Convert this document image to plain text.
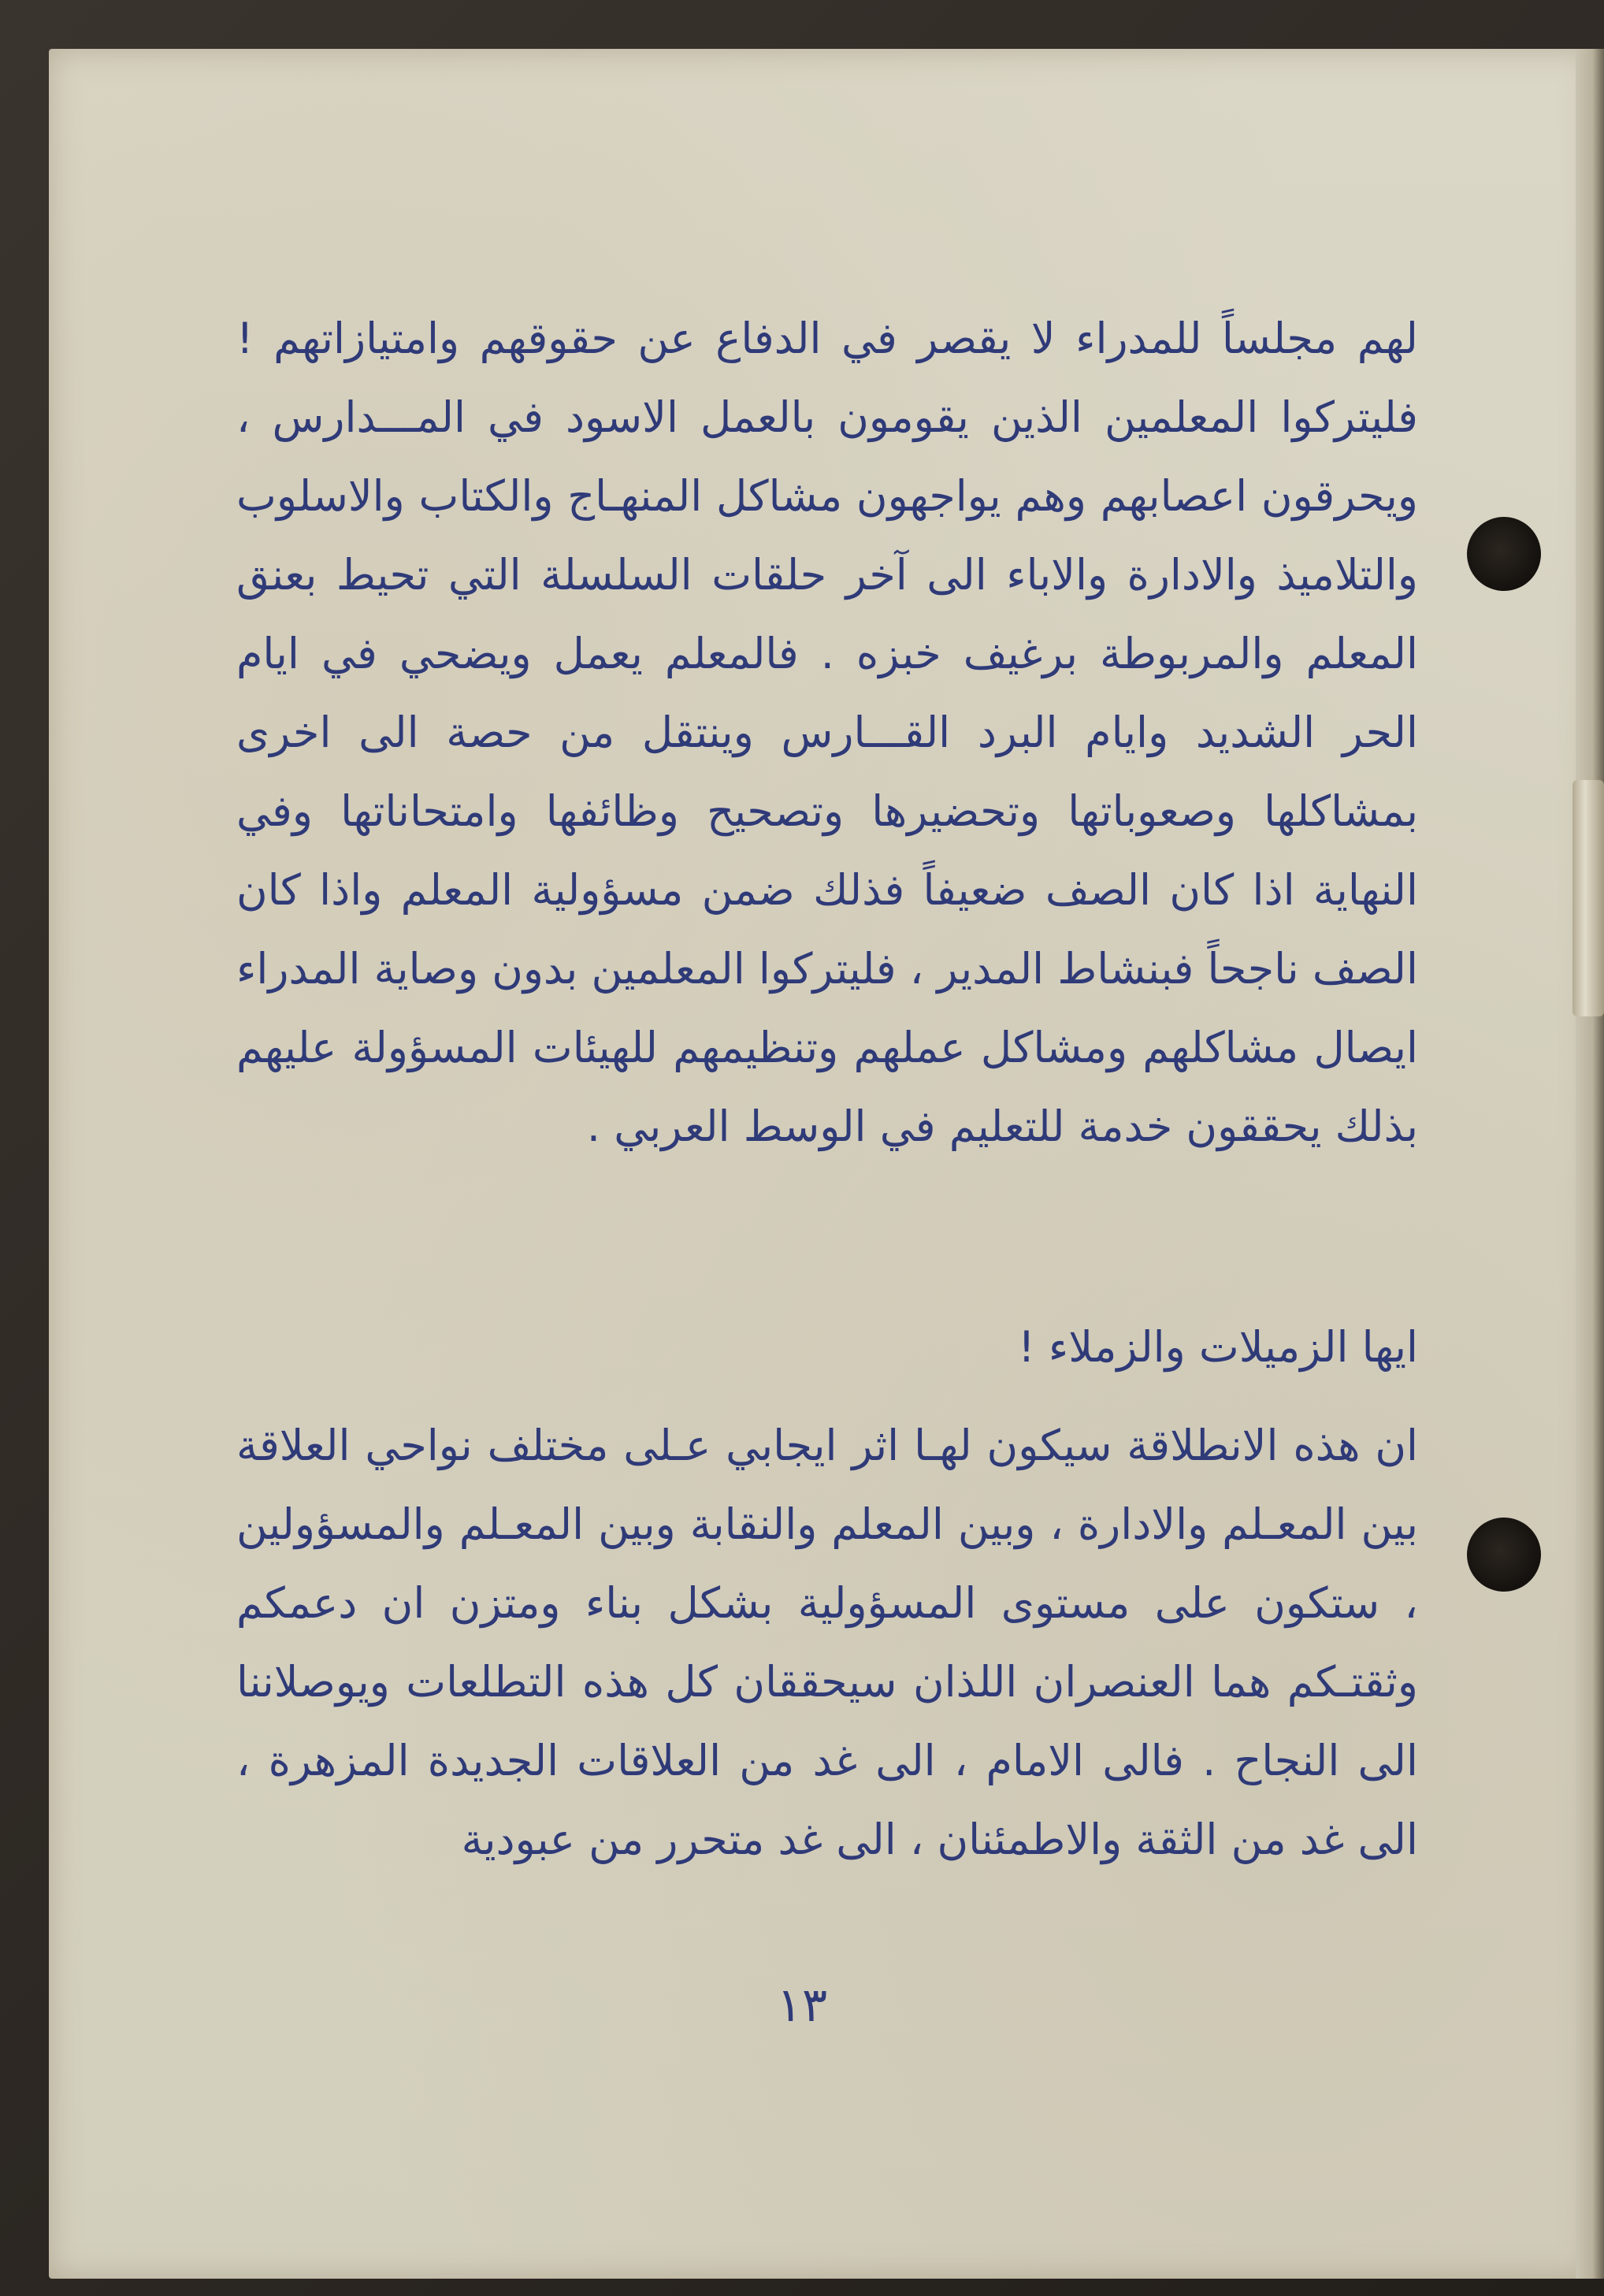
لهم مجلساً للمدراء لا يقصر في الدفاع عن حقوقهم وامتيازاتهم ! فليتركوا المعلمين الذين يقومون بالعمل الاسود في المـــدارس ، ويحرقون اعصابهم وهم يواجهون مشاكل المنهـاج والكتاب والاسلوب والتلاميذ والادارة والاباء الى آخر حلقات السلسلة التي تحيط بعنق المعلم والمربوطة برغيف خبزه . فالمعلم يعمل ويضحي في ايام الحر الشديد وايام البرد القـــارس وينتقل من حصة الى اخرى بمشاكلها وصعوباتها وتحضيرها وتصحيح وظائفها وامتحاناتها وفي النهاية اذا كان الصف ضعيفاً فذلك ضمن مسؤولية المعلم واذا كان الصف ناجحاً فبنشاط المدير ، فليتركوا المعلمين بدون وصاية المدراء ايصال مشاكلهم ومشاكل عملهم وتنظيمهم للهيئات المسؤولة عليهم بذلك يحققون خدمة للتعليم في الوسط العربي .

ايها الزميلات والزملاء !

ان هذه الانطلاقة سيكون لهـا اثر ايجابي عـلى مختلف نواحي العلاقة بين المعـلم والادارة ، وبين المعلم والنقابة وبين المعـلم والمسؤولين ، ستكون على مستوى المسؤولية بشكل بناء ومتزن ان دعمكم وثقتـكم هما العنصران اللذان سيحققان كل هذه التطلعات ويوصلاننا الى النجاح . فالى الامام ، الى غد من العلاقات الجديدة المزهرة ، الى غد من الثقة والاطمئنان ، الى غد متحرر من عبودية

١٣
